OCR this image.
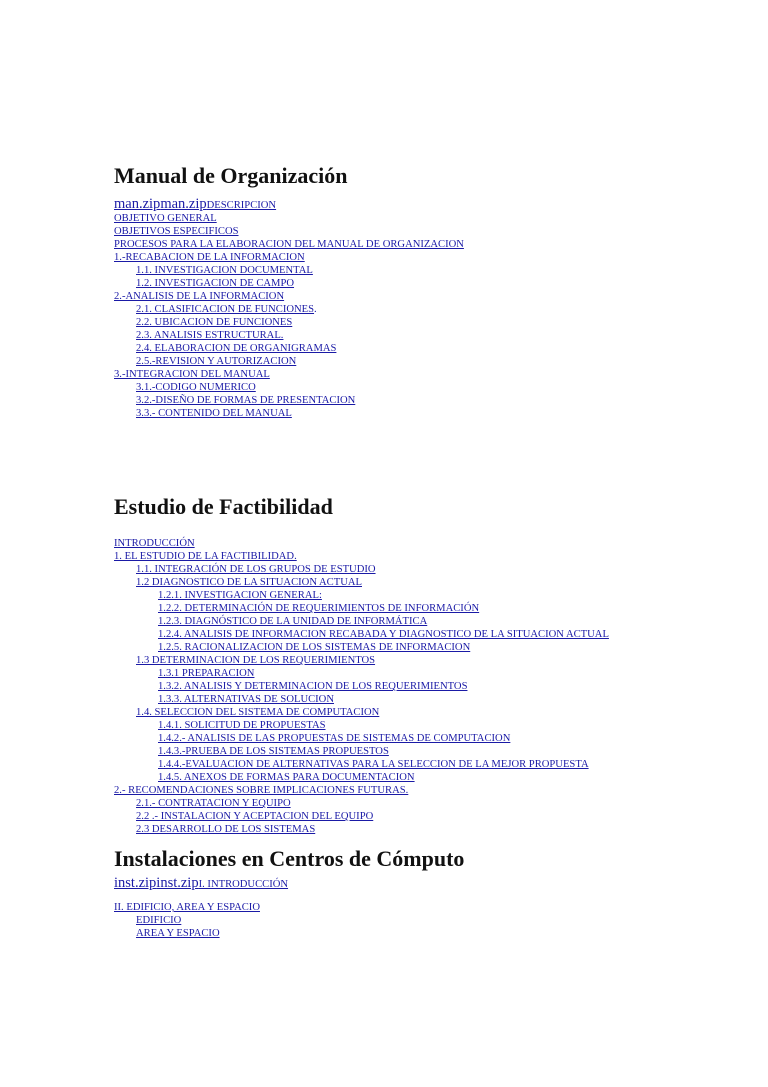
Manual de Organización
man.zipman.zipDESCRIPCION
OBJETIVO GENERAL
OBJETIVOS ESPECIFICOS
PROCESOS PARA LA ELABORACION DEL MANUAL DE ORGANIZACION
1.-RECABACION DE LA INFORMACION
1.1. INVESTIGACION DOCUMENTAL
1.2. INVESTIGACION DE CAMPO
2.-ANALISIS DE LA INFORMACION
2.1. CLASIFICACION DE FUNCIONES.
2.2. UBICACION DE FUNCIONES
2.3. ANALISIS ESTRUCTURAL.
2.4. ELABORACION DE ORGANIGRAMAS
2.5.-REVISION Y AUTORIZACION
3.-INTEGRACION DEL MANUAL
3.1.-CODIGO NUMERICO
3.2.-DISEÑO DE FORMAS DE PRESENTACION
3.3.- CONTENIDO DEL MANUAL
Estudio de Factibilidad
INTRODUCCIÓN
1. EL ESTUDIO DE LA FACTIBILIDAD.
1.1. INTEGRACIÓN DE LOS GRUPOS DE ESTUDIO
1.2 DIAGNOSTICO DE LA SITUACION ACTUAL
1.2.1. INVESTIGACION GENERAL:
1.2.2. DETERMINACIÓN DE REQUERIMIENTOS DE INFORMACIÓN
1.2.3. DIAGNÓSTICO DE LA UNIDAD DE INFORMÁTICA
1.2.4. ANALISIS DE INFORMACION RECABADA Y DIAGNOSTICO DE LA SITUACION ACTUAL
1.2.5. RACIONALIZACION DE LOS SISTEMAS DE INFORMACION
1.3 DETERMINACION DE LOS REQUERIMIENTOS
1.3.1 PREPARACION
1.3.2. ANALISIS Y DETERMINACION DE LOS REQUERIMIENTOS
1.3.3. ALTERNATIVAS DE SOLUCION
1.4. SELECCION DEL SISTEMA DE COMPUTACION
1.4.1. SOLICITUD DE PROPUESTAS
1.4.2.- ANALISIS DE LAS PROPUESTAS DE SISTEMAS DE COMPUTACION
1.4.3.-PRUEBA DE LOS SISTEMAS PROPUESTOS
1.4.4.-EVALUACION DE ALTERNATIVAS PARA LA SELECCION DE LA MEJOR PROPUESTA
1.4.5. ANEXOS DE FORMAS PARA DOCUMENTACION
2.- RECOMENDACIONES SOBRE IMPLICACIONES FUTURAS.
2.1.- CONTRATACION Y EQUIPO
2.2 .- INSTALACION Y ACEPTACION DEL EQUIPO
2.3 DESARROLLO DE LOS SISTEMAS
Instalaciones en Centros de Cómputo
inst.zipinst.zipI. INTRODUCCIÓN
II. EDIFICIO, AREA Y ESPACIO
EDIFICIO
AREA Y ESPACIO
